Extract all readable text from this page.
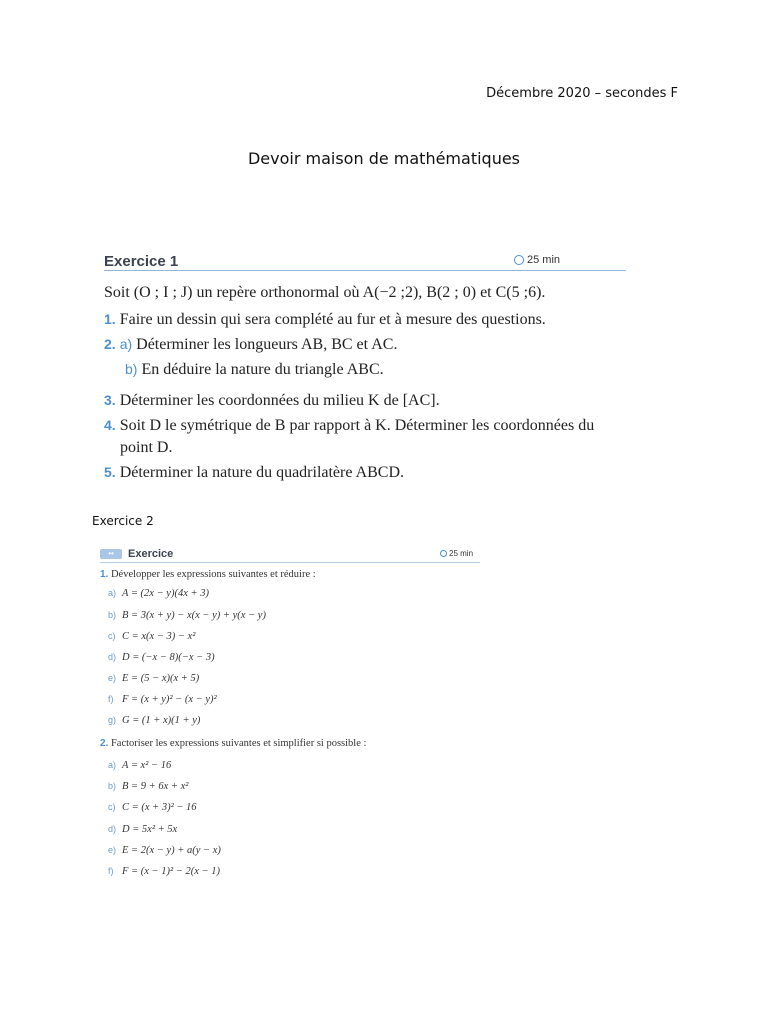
Décembre 2020 – secondes F
Devoir maison de mathématiques
Exercice 1	25 min
Soit (O ; I ; J) un repère orthonormal où A(−2 ;2), B(2 ; 0) et C(5 ;6).
1. Faire un dessin qui sera complété au fur et à mesure des questions.
2. a) Déterminer les longueurs AB, BC et AC.
b) En déduire la nature du triangle ABC.
3. Déterminer les coordonnées du milieu K de [AC].
4. Soit D le symétrique de B par rapport à K. Déterminer les coordonnées du
point D.
5. Déterminer la nature du quadrilatère ABCD.
Exercice 2
••	Exercice	25 min
1. Développer les expressions suivantes et réduire :
a) A = (2x − y)(4x + 3)
b) B = 3(x + y) − x(x − y) + y(x − y)
c) C = x(x − 3) − x²
d) D = (−x − 8)(−x − 3)
e) E = (5 − x)(x + 5)
f) F = (x + y)² − (x − y)²
g) G = (1 + x)(1 + y)
2. Factoriser les expressions suivantes et simplifier si possible :
a) A = x² − 16
b) B = 9 + 6x + x²
c) C = (x + 3)² − 16
d) D = 5x² + 5x
e) E = 2(x − y) + a(y − x)
f) F = (x − 1)² − 2(x − 1)
